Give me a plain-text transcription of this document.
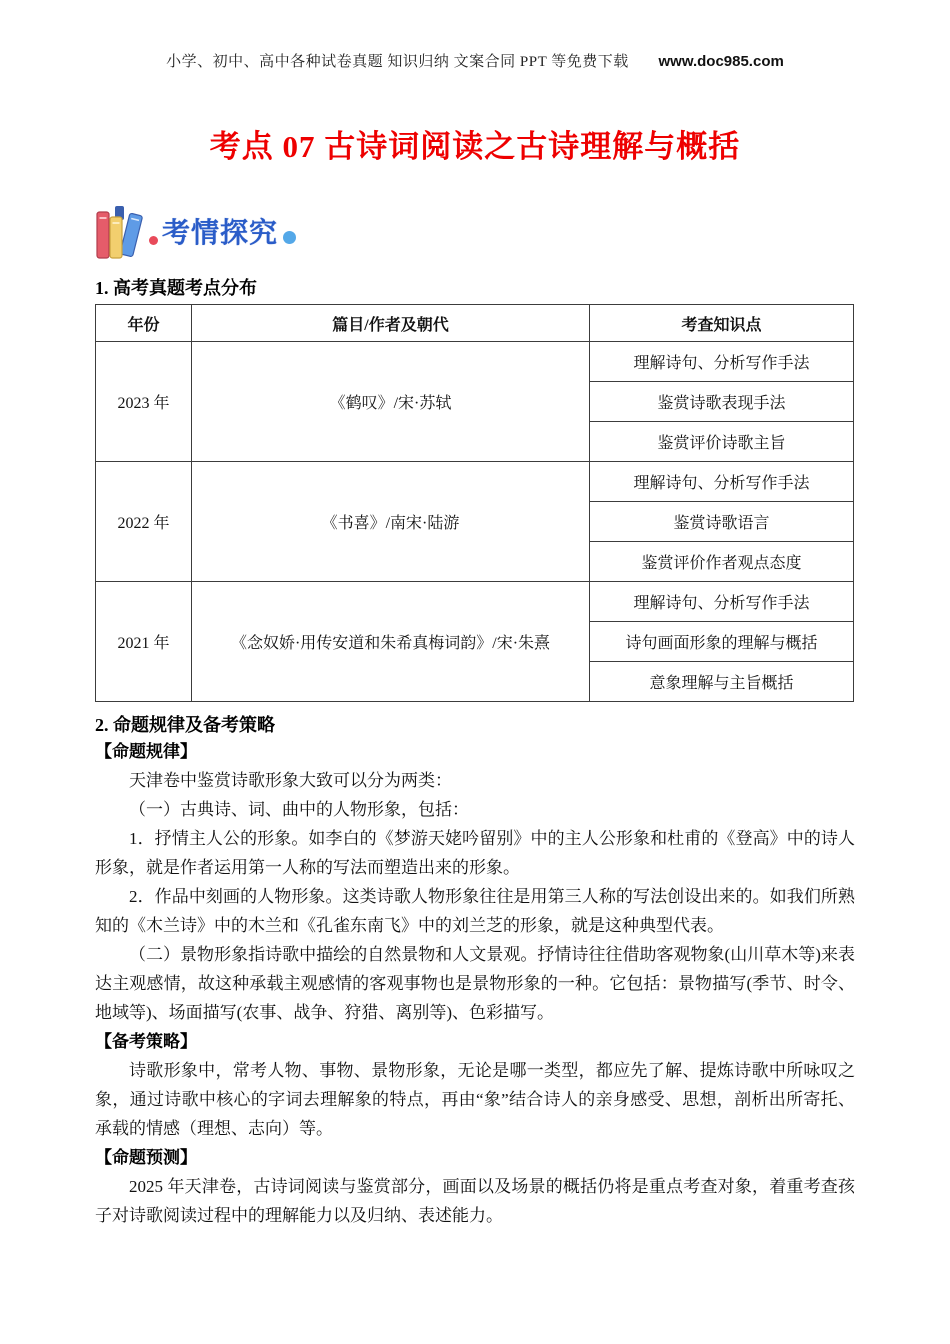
小学、初中、高中各种试卷真题 知识归纳 文案合同 PPT 等免费下载 www.doc985.com
考点 07 古诗词阅读之古诗理解与概括
考情探究
1. 高考真题考点分布
年份	篇目/作者及朝代	考查知识点
2023 年	《鹤叹》/宋·苏轼	理解诗句、分析写作手法
		鉴赏诗歌表现手法
		鉴赏评价诗歌主旨
2022 年	《书喜》/南宋·陆游	理解诗句、分析写作手法
		鉴赏诗歌语言
		鉴赏评价作者观点态度
2021 年	《念奴娇·用传安道和朱希真梅词韵》/宋·朱熹	理解诗句、分析写作手法
		诗句画面形象的理解与概括
		意象理解与主旨概括
2. 命题规律及备考策略
【命题规律】
天津卷中鉴赏诗歌形象大致可以分为两类：
（一）古典诗、词、曲中的人物形象，包括：
1．抒情主人公的形象。如李白的《梦游天姥吟留别》中的主人公形象和杜甫的《登高》中的诗人形象，就是作者运用第一人称的写法而塑造出来的形象。
2．作品中刻画的人物形象。这类诗歌人物形象往往是用第三人称的写法创设出来的。如我们所熟知的《木兰诗》中的木兰和《孔雀东南飞》中的刘兰芝的形象，就是这种典型代表。
（二）景物形象指诗歌中描绘的自然景物和人文景观。抒情诗往往借助客观物象(山川草木等)来表达主观感情，故这种承载主观感情的客观事物也是景物形象的一种。它包括：景物描写(季节、时令、地域等)、场面描写(农事、战争、狩猎、离别等)、色彩描写。
【备考策略】
诗歌形象中，常考人物、事物、景物形象，无论是哪一类型，都应先了解、提炼诗歌中所咏叹之象，通过诗歌中核心的字词去理解象的特点，再由“象”结合诗人的亲身感受、思想，剖析出所寄托、承载的情感（理想、志向）等。
【命题预测】
2025 年天津卷，古诗词阅读与鉴赏部分，画面以及场景的概括仍将是重点考查对象，着重考查孩子对诗歌阅读过程中的理解能力以及归纳、表述能力。
